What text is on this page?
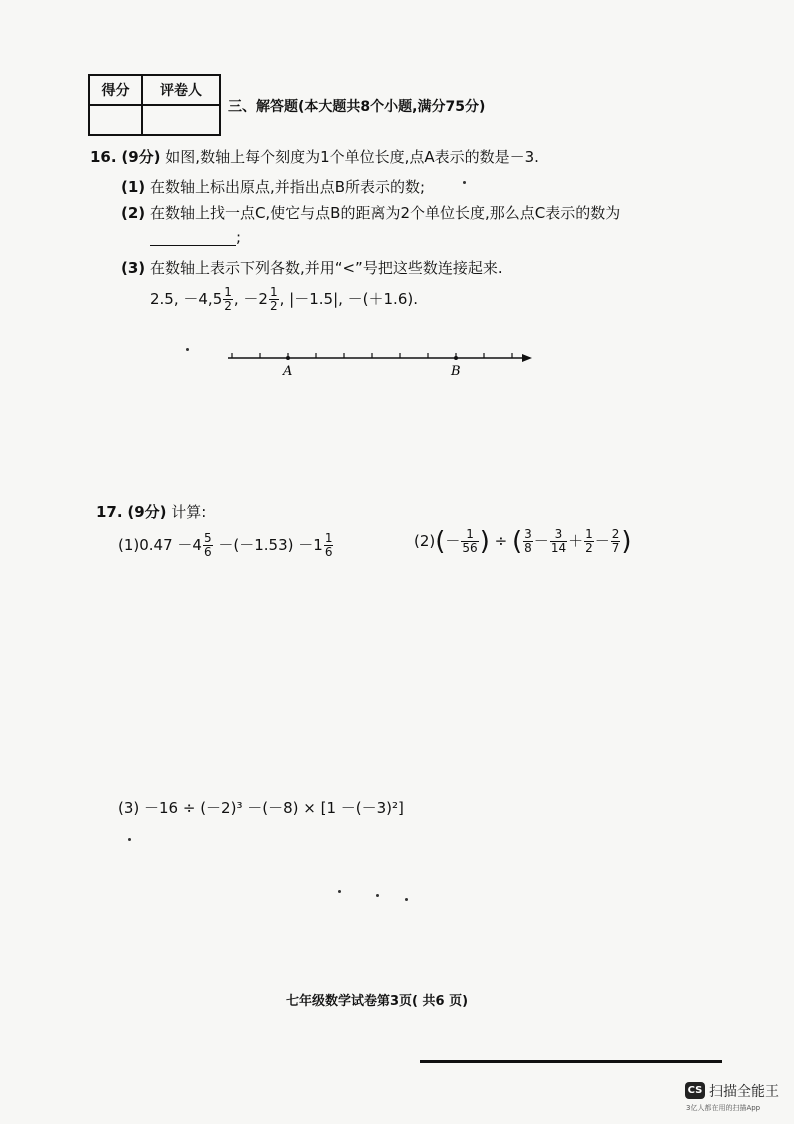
得分	评卷人

三、解答题(本大题共8个小题,满分75分)
16. (9分) 如图,数轴上每个刻度为1个单位长度,点A表示的数是－3.
(1) 在数轴上标出原点,并指出点B所表示的数;
(2) 在数轴上找一点C,使它与点B的距离为2个单位长度,那么点C表示的数为
;
(3) 在数轴上表示下列各数,并用“<”号把这些数连接起来.
2.5, $-4,5 \frac{1}{2}$ , $-2 \frac{1}{2}$ , |－1.5|, －(＋1.6).
A	B
17. (9分) 计算:
$(1)0.47 -4 \frac{5}{6} -(-1.53) -1 \frac{1}{6}$	$(2)(- \frac{1}{56}$ ) ÷ ( $\frac{3}{8} - \frac{3}{14} + \frac{1}{2} - \frac{2}{7}$ )
(3) －16 ÷ (－2)³ －(－8) × [1 －(－3)²]
七年级数学试卷第3页( 共6 页)
CS 扫描全能王
3亿人都在用的扫描App
